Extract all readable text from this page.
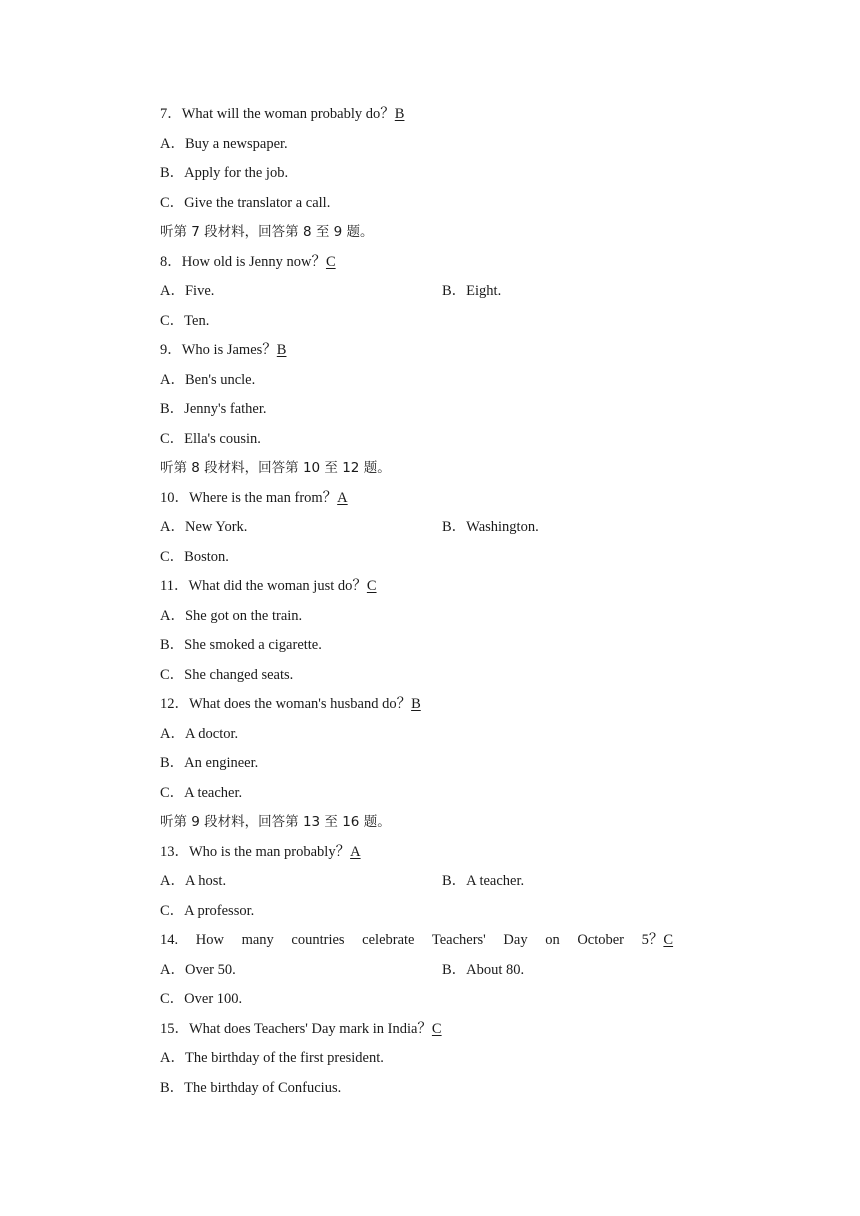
7．What will the woman probably do？B
A．Buy a newspaper.
B．Apply for the job.
C．Give the translator a call.
听第 7 段材料，回答第 8 至 9 题。
8．How old is Jenny now？C
A．Five.	B．Eight.
C．Ten.
9．Who is James？B
A．Ben's uncle.
B．Jenny's father.
C．Ella's cousin.
听第 8 段材料，回答第 10 至 12 题。
10．Where is the man from？A
A．New York.	B．Washington.
C．Boston.
11．What did the woman just do？C
A．She got on the train.
B．She smoked a cigarette.
C．She changed seats.
12．What does the woman's husband do？B
A．A doctor.
B．An engineer.
C．A teacher.
听第 9 段材料，回答第 13 至 16 题。
13．Who is the man probably？A
A．A host.	B．A teacher.
C．A professor.
14. How many countries celebrate Teachers' Day on October 5？C
A．Over 50.	B．About 80.
C．Over 100.
15．What does Teachers' Day mark in India？C
A．The birthday of the first president.
B．The birthday of Confucius.
